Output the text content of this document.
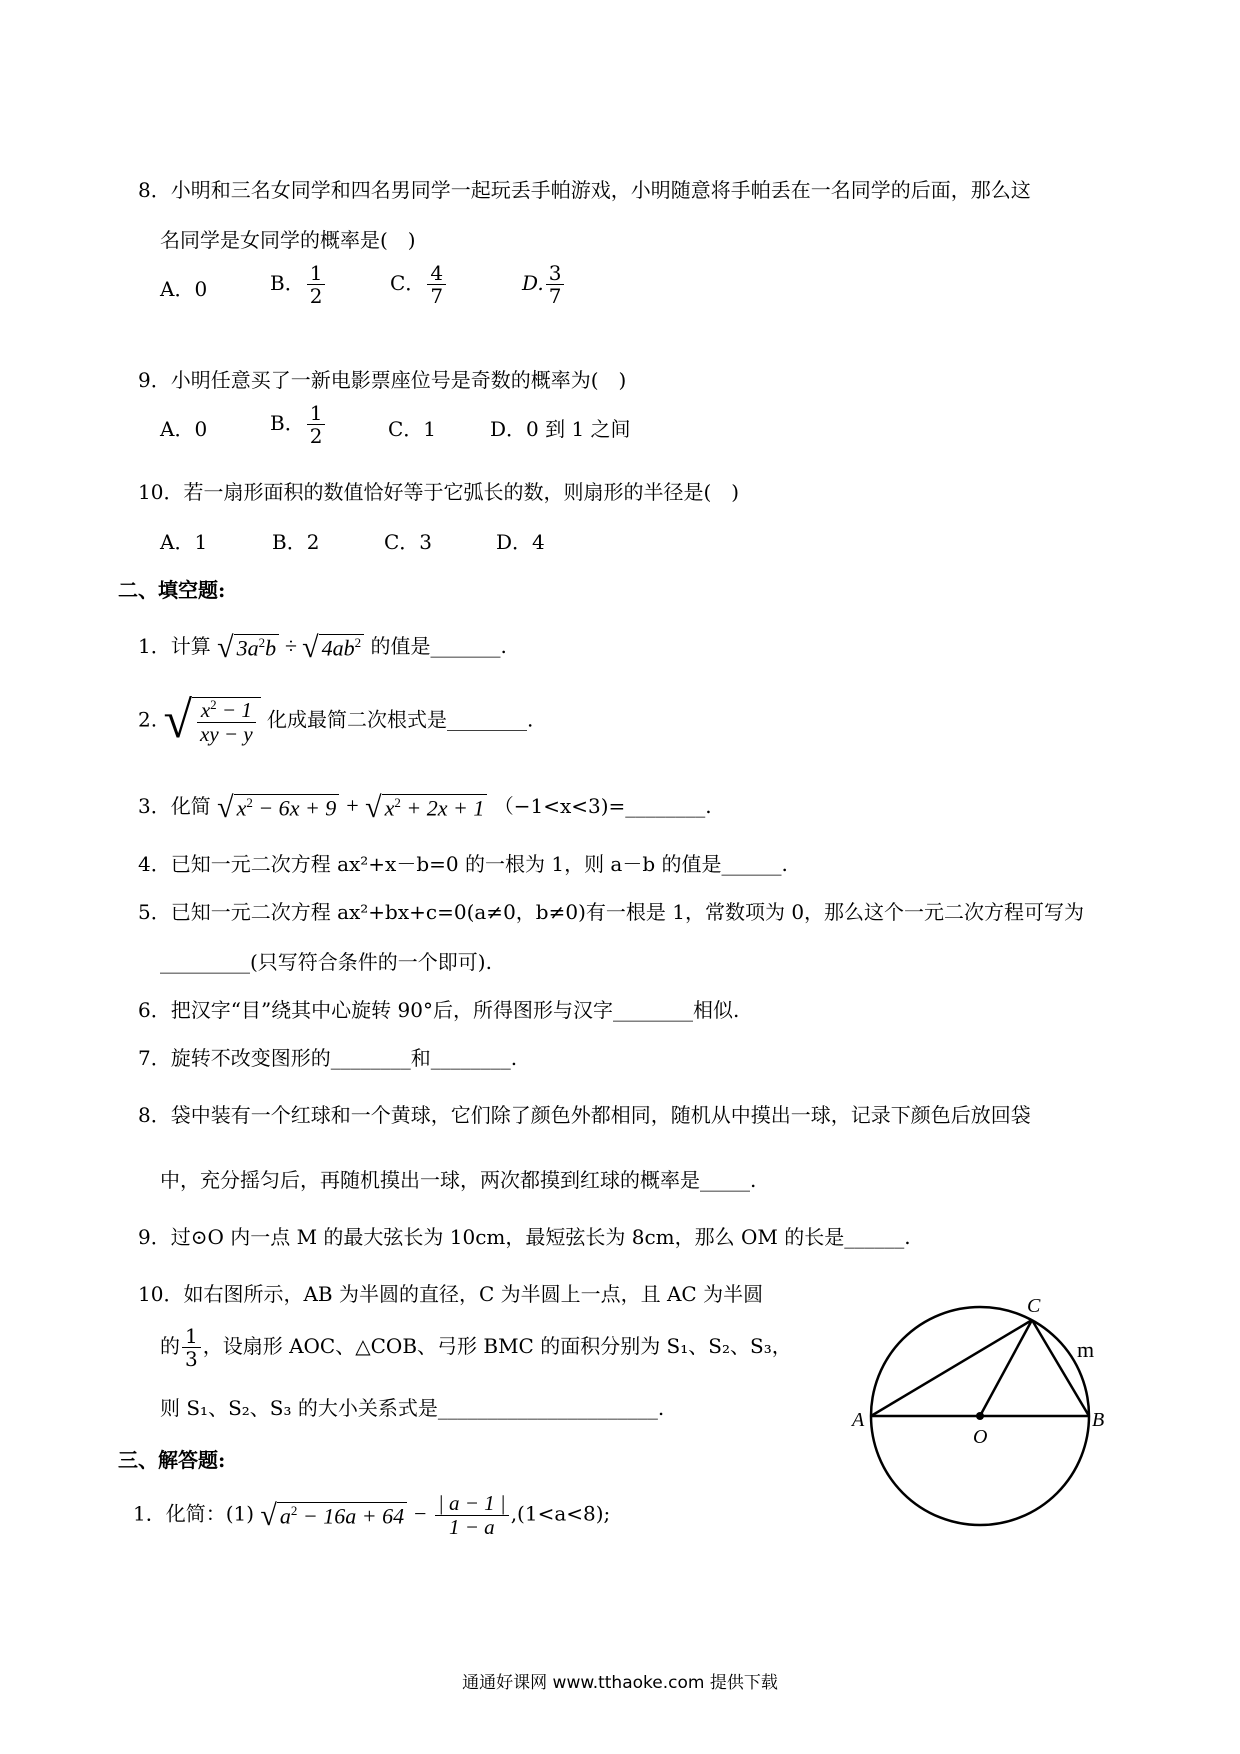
8．小明和三名女同学和四名男同学一起玩丢手帕游戏，小明随意将手帕丢在一名同学的后面，那么这
名同学是女同学的概率是(　)
A．0	B． $\frac{1}{2}$	C． $\frac{4}{7}$	D. $\frac{3}{7}$
9．小明任意买了一新电影票座位号是奇数的概率为(　)
A．0	B． $\frac{1}{2}$	C．1	D．0 到 1 之间
10．若一扇形面积的数值恰好等于它弧长的数，则扇形的半径是(　)
A．1	B．2	C．3	D．4
二、填空题:
1．计算 √ $3a^2b$ ÷ √ $4ab^2$ 的值是_______.
2. √ $\frac{x^2 - 1}{xy - y}$ 化成最简二次根式是________.
3．化简 √ $x^2 - 6x + 9$ + √ $x^2 + 2x + 1$ （−1<x<3)=________.
4．已知一元二次方程 ax²+x－b=0 的一根为 1，则 a－b 的值是______.
5．已知一元二次方程 ax²+bx+c=0(a≠0，b≠0)有一根是 1，常数项为 0，那么这个一元二次方程可写为
_________(只写符合条件的一个即可).
6．把汉字“目”绕其中心旋转 90°后，所得图形与汉字________相似.
7．旋转不改变图形的________和________.
8．袋中装有一个红球和一个黄球，它们除了颜色外都相同，随机从中摸出一球，记录下颜色后放回袋
中，充分摇匀后，再随机摸出一球，两次都摸到红球的概率是_____.
9．过⊙O 内一点 M 的最大弦长为 10cm，最短弦长为 8cm，那么 OM 的长是______.
10．如右图所示，AB 为半圆的直径，C 为半圆上一点，且 AC 为半圆
的 $\frac{1}{3}$ ，设扇形 AOC、△COB、弓形 BMC 的面积分别为 S₁、S₂、S₃，
则 S₁、S₂、S₃ 的大小关系式是______________________.
三、解答题:
1．化简：(1) √ $a^2 - 16a + 64 - \frac{| a - 1 |}{1 - a} ,(1<a<8)$;
A	B
C
O
m
通通好课网 www.tthaoke.com 提供下载
